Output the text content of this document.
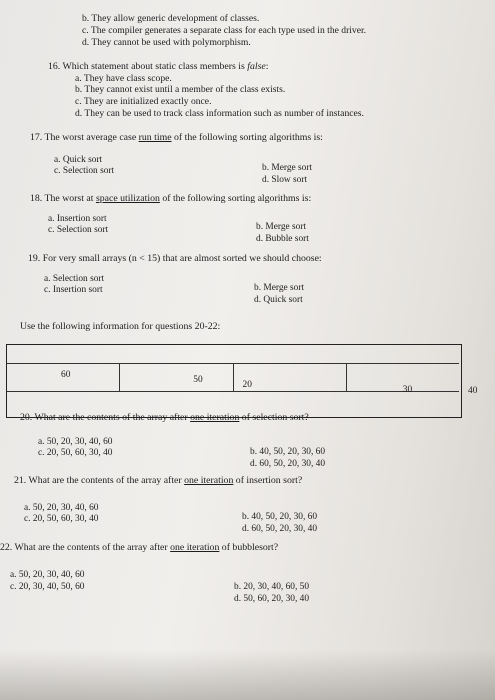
b. They allow generic development of classes.
c. The compiler generates a separate class for each type used in the driver.
d. They cannot be used with polymorphism.
16. Which statement about static class members is false:
a. They have class scope.
b. They cannot exist until a member of the class exists.
c. They are initialized exactly once.
d. They can be used to track class information such as number of instances.
17. The worst average case run time of the following sorting algorithms is:
a. Quick sort
b. Merge sort
c. Selection sort
d. Slow sort
18. The worst at space utilization of the following sorting algorithms is:
a. Insertion sort
b. Merge sort
c. Selection sort
d. Bubble sort
19. For very small arrays (n < 15) that are almost sorted we should choose:
a. Selection sort
b. Merge sort
c. Insertion sort
d. Quick sort
Use the following information for questions 20-22:
60	50	20	30	40
20. What are the contents of the array after one iteration of selection sort?
a. 50, 20, 30, 40, 60
b. 40, 50, 20, 30, 60
c. 20, 50, 60, 30, 40
d. 60, 50, 20, 30, 40
21. What are the contents of the array after one iteration of insertion sort?
a. 50, 20, 30, 40, 60
b. 40, 50, 20, 30, 60
c. 20, 50, 60, 30, 40
d. 60, 50, 20, 30, 40
22. What are the contents of the array after one iteration of bubblesort?
a. 50, 20, 30, 40, 60
b. 20, 30, 40, 60, 50
c. 20, 30, 40, 50, 60
d. 50, 60, 20, 30, 40
